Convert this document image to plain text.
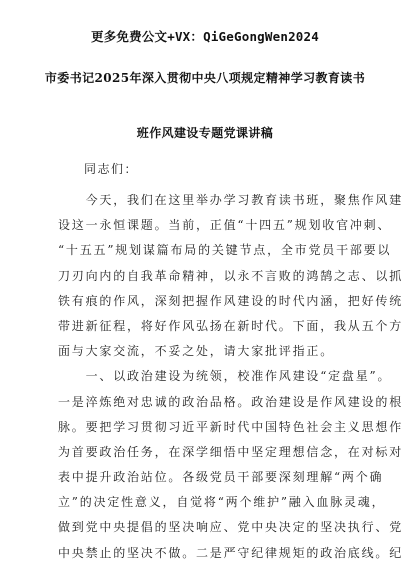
更多免费公文+VX：QiGeGongWen2024
市委书记2025年深入贯彻中央八项规定精神学习教育读书
班作风建设专题党课讲稿
同志们：
　　今天，我们在这里举办学习教育读书班，聚焦作风建
设这一永恒课题。当前，正值“十四五”规划收官冲刺、
“十五五”规划谋篇布局的关键节点，全市党员干部要以
刀刃向内的自我革命精神，以永不言败的鸿鹄之志、以抓
铁有痕的作风，深刻把握作风建设的时代内涵，把好传统
带进新征程，将好作风弘扬在新时代。下面，我从五个方
面与大家交流，不妥之处，请大家批评指正。
　　一、以政治建设为统领，校准作风建设“定盘星”。
一是淬炼绝对忠诚的政治品格。政治建设是作风建设的根
脉。要把学习贯彻习近平新时代中国特色社会主义思想作
为首要政治任务，在深学细悟中坚定理想信念，在对标对
表中提升政治站位。各级党员干部要深刻理解“两个确
立”的决定性意义，自觉将“两个维护”融入血脉灵魂，
做到党中央提倡的坚决响应、党中央决定的坚决执行、党
中央禁止的坚决不做。二是严守纪律规矩的政治底线。纪
